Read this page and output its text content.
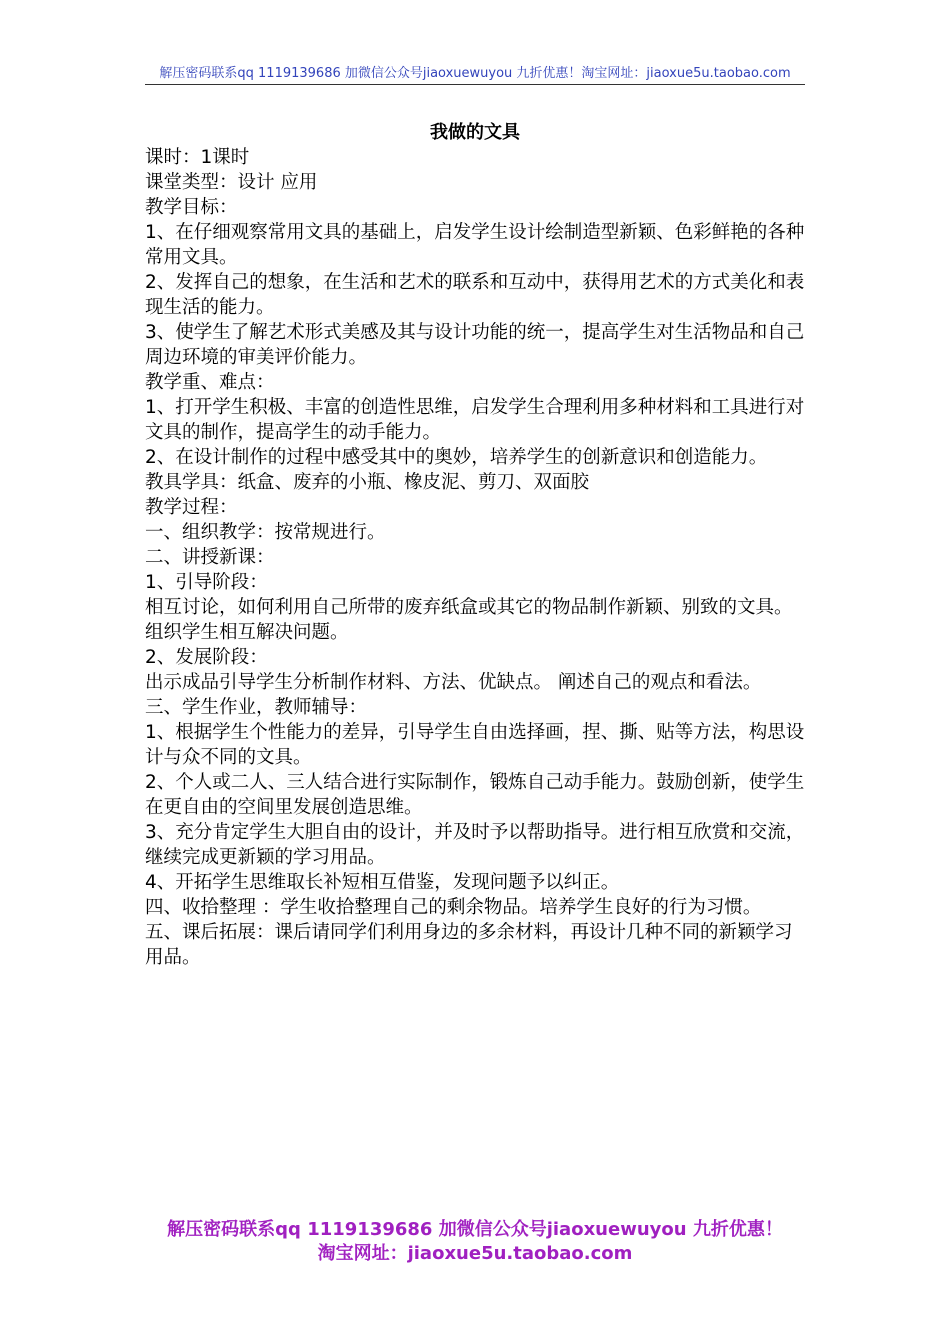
解压密码联系qq 1119139686 加微信公众号jiaoxuewuyou 九折优惠！淘宝网址：jiaoxue5u.taobao.com
我做的文具

课时：1课时

课堂类型：设计 应用

教学目标：

1、在仔细观察常用文具的基础上，启发学生设计绘制造型新颖、色彩鲜艳的各种常用文具。

2、发挥自己的想象，在生活和艺术的联系和互动中，获得用艺术的方式美化和表现生活的能力。

3、使学生了解艺术形式美感及其与设计功能的统一，提高学生对生活物品和自己周边环境的审美评价能力。

教学重、难点：

1、打开学生积极、丰富的创造性思维，启发学生合理利用多种材料和工具进行对文具的制作，提高学生的动手能力。

2、在设计制作的过程中感受其中的奥妙，培养学生的创新意识和创造能力。

教具学具：纸盒、废弃的小瓶、橡皮泥、剪刀、双面胶

教学过程：

一、组织教学：按常规进行。

二、讲授新课：

1、引导阶段：

相互讨论，如何利用自己所带的废弃纸盒或其它的物品制作新颖、别致的文具。组织学生相互解决问题。

2、发展阶段：

出示成品引导学生分析制作材料、方法、优缺点。 阐述自己的观点和看法。

三、学生作业，教师辅导：

1、根据学生个性能力的差异，引导学生自由选择画，捏、撕、贴等方法，构思设计与众不同的文具。

2、个人或二人、三人结合进行实际制作，锻炼自己动手能力。鼓励创新，使学生在更自由的空间里发展创造思维。

3、充分肯定学生大胆自由的设计，并及时予以帮助指导。进行相互欣赏和交流，继续完成更新颖的学习用品。

4、开拓学生思维取长补短相互借鉴，发现问题予以纠正。

四、收拾整理 ：学生收拾整理自己的剩余物品。培养学生良好的行为习惯。

五、课后拓展：课后请同学们利用身边的多余材料，再设计几种不同的新颖学习用品。

解压密码联系qq 1119139686 加微信公众号jiaoxuewuyou 九折优惠！

淘宝网址：jiaoxue5u.taobao.com
